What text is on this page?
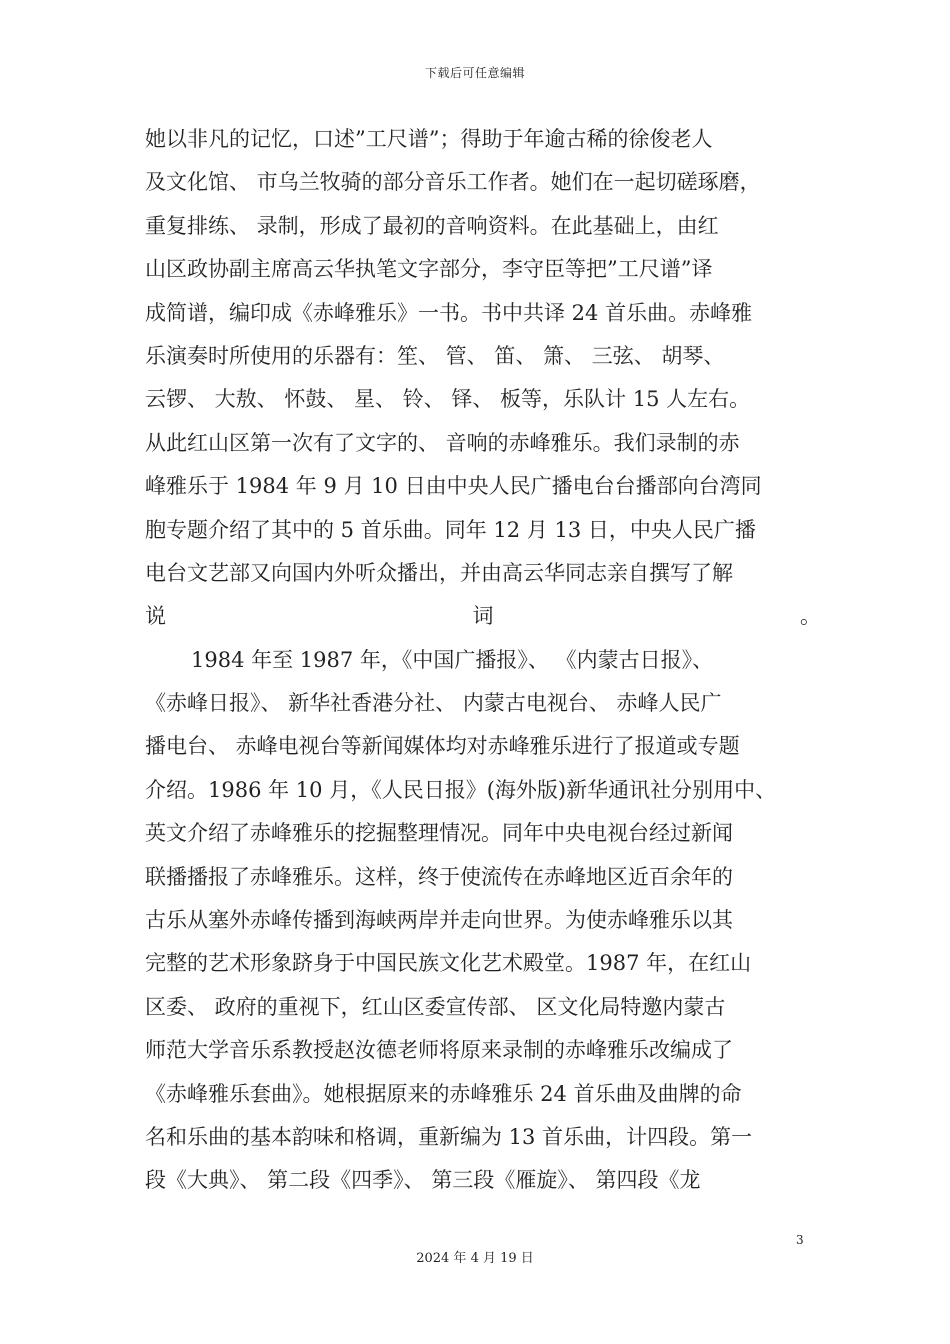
下载后可任意编辑
她以非凡的记忆，口述”工尺谱”；得助于年逾古稀的徐俊老人
及文化馆、 市乌兰牧骑的部分音乐工作者。她们在一起切磋琢磨，
重复排练、 录制，形成了最初的音响资料。在此基础上，由红
山区政协副主席高云华执笔文字部分，李守臣等把”工尺谱”译
成简谱，编印成《赤峰雅乐》一书。书中共译 24 首乐曲。赤峰雅
乐演奏时所使用的乐器有：笙、 管、 笛、 箫、 三弦、 胡琴、
云锣、 大敖、 怀鼓、 星、 铃、 铎、 板等，乐队计 15 人左右。
从此红山区第一次有了文字的、 音响的赤峰雅乐。我们录制的赤
峰雅乐于 1984 年 9 月 10 日由中央人民广播电台台播部向台湾同
胞专题介绍了其中的 5 首乐曲。同年 12 月 13 日，中央人民广播
电台文艺部又向国内外听众播出，并由高云华同志亲自撰写了解
说	词	。
1984 年至 1987 年，《中国广播报》、 《内蒙古日报》、
《赤峰日报》、 新华社香港分社、 内蒙古电视台、 赤峰人民广
播电台、 赤峰电视台等新闻媒体均对赤峰雅乐进行了报道或专题
介绍。1986 年 10 月，《人民日报》(海外版)新华通讯社分别用中、
英文介绍了赤峰雅乐的挖掘整理情况。同年中央电视台经过新闻
联播播报了赤峰雅乐。这样，终于使流传在赤峰地区近百余年的
古乐从塞外赤峰传播到海峡两岸并走向世界。为使赤峰雅乐以其
完整的艺术形象跻身于中国民族文化艺术殿堂。1987 年，在红山
区委、 政府的重视下，红山区委宣传部、 区文化局特邀内蒙古
师范大学音乐系教授赵汝德老师将原来录制的赤峰雅乐改编成了
《赤峰雅乐套曲》。她根据原来的赤峰雅乐 24 首乐曲及曲牌的命
名和乐曲的基本韵味和格调，重新编为 13 首乐曲，计四段。第一
段《大典》、 第二段《四季》、 第三段《雁旋》、 第四段《龙
3
2024 年 4 月 19 日
